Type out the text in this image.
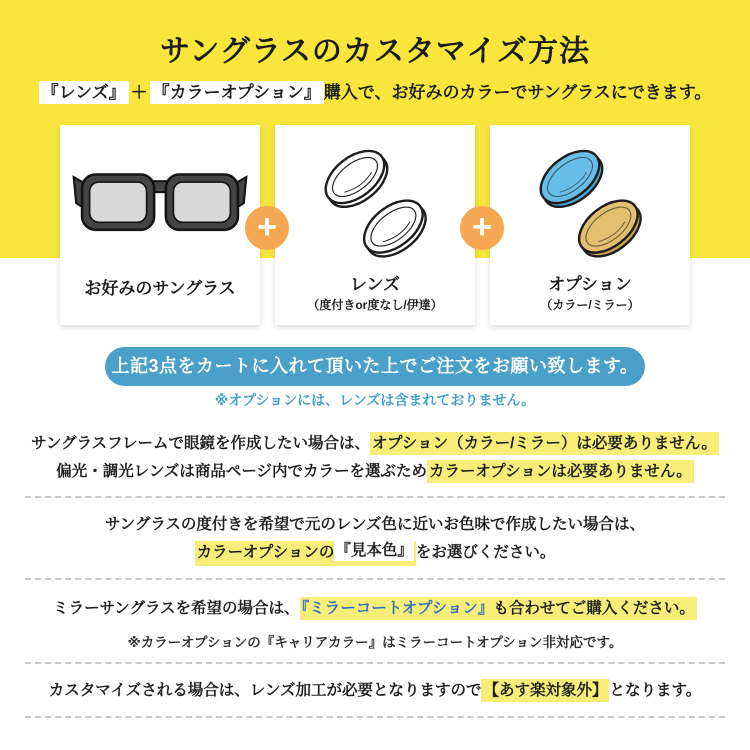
サングラスのカスタマイズ方法
『レンズ』 ＋ 『カラーオプション』 購入で、お好みのカラーでサングラスにできます。
お好みのサングラス	レンズ
（度付きor度なし/伊達）
オプション
（カラー/ミラー）
+	+
上記3点をカートに入れて頂いた上でご注文をお願い致します。
※オプションには、レンズは含まれておりません。
サングラスフレームで眼鏡を作成したい場合は、 オプション（カラー/ミラー）は必要ありません。
偏光・調光レンズは商品ページ内でカラーを選ぶため カラーオプションは必要ありません。
サングラスの度付きを希望で元のレンズ色に近いお色味で作成したい場合は、
カラーオプションの『見本色』 をお選びください。
ミラーサングラスを希望の場合は、 『ミラーコートオプション』も合わせてご購入ください。
※カラーオプションの『キャリアカラー』はミラーコートオプション非対応です。
カスタマイズされる場合は、レンズ加工が必要となりますので 【あす楽対象外】 となります。
